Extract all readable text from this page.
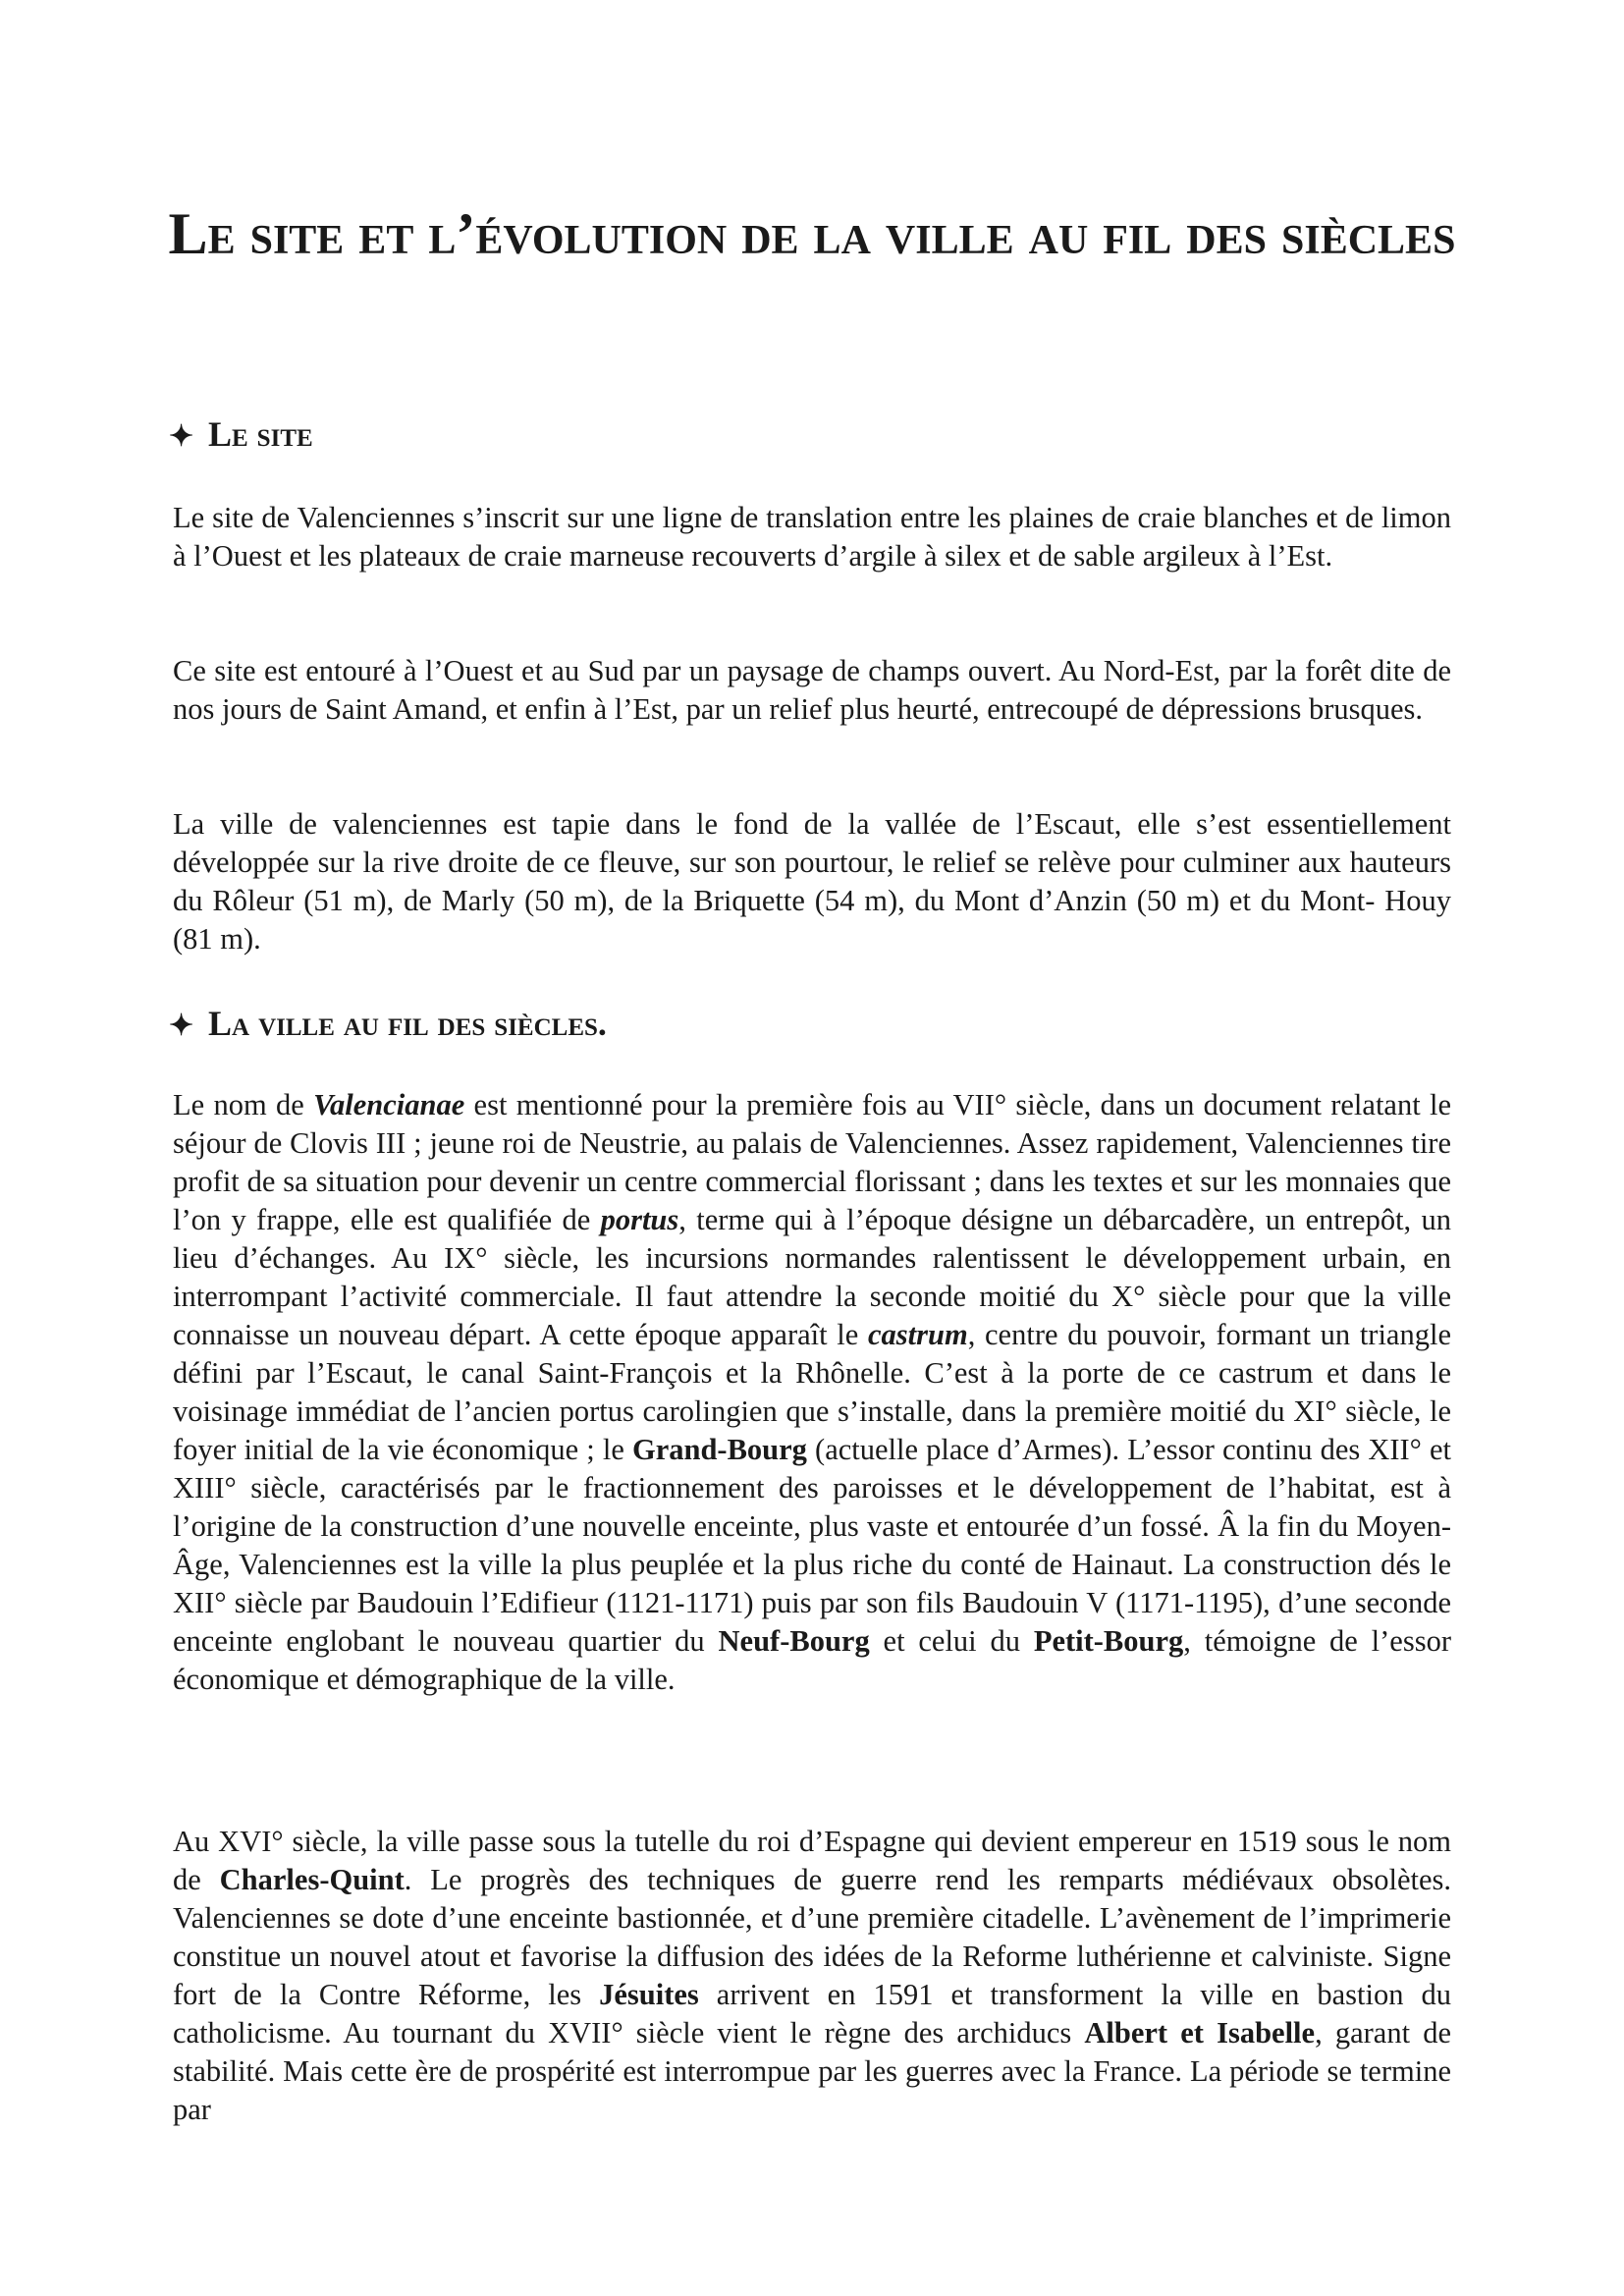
Le site et l’évolution de la ville au fil des siècles
✦ Le site

Le site de Valenciennes s’inscrit sur une ligne de translation entre les plaines de craie blanches et de limon à l’Ouest et les plateaux de craie marneuse recouverts d’argile à silex et de sable argileux à l’Est.

Ce site est entouré à l’Ouest et au Sud par un paysage de champs ouvert. Au Nord-Est, par la forêt dite de nos jours de Saint Amand, et enfin à l’Est, par un relief plus heurté, entrecoupé de dépressions brusques.

La ville de valenciennes est tapie dans le fond de la vallée de l’Escaut, elle s’est essentiellement développée sur la rive droite de ce fleuve, sur son pourtour, le relief se relève pour culminer aux hauteurs du Rôleur (51 m), de Marly (50 m), de la Briquette (54 m), du Mont d’Anzin (50 m) et du Mont- Houy (81 m).

✦ La ville au fil des siècles.

Le nom de Valencianae est mentionné pour la première fois au VII° siècle, dans un document relatant le séjour de Clovis III ; jeune roi de Neustrie, au palais de Valenciennes. Assez rapidement, Valenciennes tire profit de sa situation pour devenir un centre commercial florissant ; dans les textes et sur les monnaies que l’on y frappe, elle est qualifiée de portus, terme qui à l’époque désigne un débarcadère, un entrepôt, un lieu d’échanges. Au IX° siècle, les incursions normandes ralentissent le développement urbain, en interrompant l’activité commerciale. Il faut attendre la seconde moitié du X° siècle pour que la ville connaisse un nouveau départ. A cette époque apparaît le castrum, centre du pouvoir, formant un triangle défini par l’Escaut, le canal Saint-François et la Rhônelle. C’est à la porte de ce castrum et dans le voisinage immédiat de l’ancien portus carolingien que s’installe, dans la première moitié du XI° siècle, le foyer initial de la vie économique ; le Grand-Bourg (actuelle place d’Armes). L’essor continu des XII° et XIII° siècle, caractérisés par le fractionnement des paroisses et le développement de l’habitat, est à l’origine de la construction d’une nouvelle enceinte, plus vaste et entourée d’un fossé. Â la fin du Moyen-Âge, Valenciennes est la ville la plus peuplée et la plus riche du conté de Hainaut. La construction dés le XII° siècle par Baudouin l’Edifieur (1121-1171) puis par son fils Baudouin V (1171-1195), d’une seconde enceinte englobant le nouveau quartier du Neuf-Bourg et celui du Petit-Bourg, témoigne de l’essor économique et démographique de la ville.

Au XVI° siècle, la ville passe sous la tutelle du roi d’Espagne qui devient empereur en 1519 sous le nom de Charles-Quint. Le progrès des techniques de guerre rend les remparts médiévaux obsolètes. Valenciennes se dote d’une enceinte bastionnée, et d’une première citadelle. L’avènement de l’imprimerie constitue un nouvel atout et favorise la diffusion des idées de la Reforme luthérienne et calviniste. Signe fort de la Contre Réforme, les Jésuites arrivent en 1591 et transforment la ville en bastion du catholicisme. Au tournant du XVII° siècle vient le règne des archiducs Albert et Isabelle, garant de stabilité. Mais cette ère de prospérité est interrompue par les guerres avec la France. La période se termine par
